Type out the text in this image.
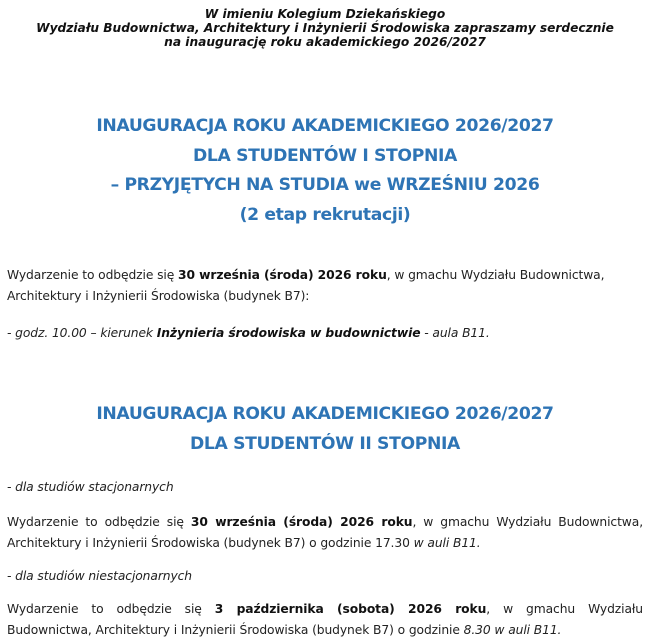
W imieniu Kolegium Dziekańskiego
Wydziału Budownictwa, Architektury i Inżynierii Środowiska zapraszamy serdecznie
na inaugurację roku akademickiego 2026/2027
INAUGURACJA ROKU AKADEMICKIEGO 2026/2027
DLA STUDENTÓW I STOPNIA
– PRZYJĘTYCH NA STUDIA we WRZEŚNIU 2026
(2 etap rekrutacji)
Wydarzenie to odbędzie się 30 września (środa) 2026 roku, w gmachu Wydziału Budownictwa,
Architektury i Inżynierii Środowiska (budynek B7):
- godz. 10.00 – kierunek Inżynieria środowiska w budownictwie - aula B11.
INAUGURACJA ROKU AKADEMICKIEGO 2026/2027
DLA STUDENTÓW II STOPNIA
- dla studiów stacjonarnych
Wydarzenie to odbędzie się 30 września (środa) 2026 roku, w gmachu Wydziału Budownictwa,
Architektury i Inżynierii Środowiska (budynek B7) o godzinie 17.30 w auli B11.
- dla studiów niestacjonarnych
Wydarzenie to odbędzie się 3 października (sobota) 2026 roku, w gmachu Wydziału
Budownictwa, Architektury i Inżynierii Środowiska (budynek B7) o godzinie 8.30 w auli B11.
